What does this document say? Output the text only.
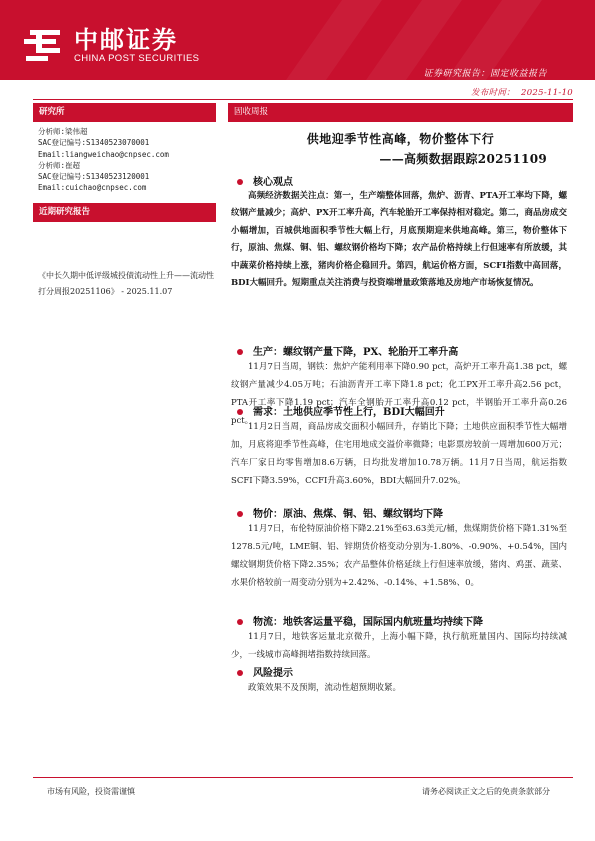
中邮证券
CHINA POST SECURITIES
证券研究报告：固定收益报告
发布时间： 2025-11-10
研究所
分析师:梁伟超
SAC登记编号:S1340523070001
Email:liangweichao@cnpsec.com
分析师:崔超
SAC登记编号:S1340523120001
Email:cuichao@cnpsec.com
近期研究报告
《中长久期中低评级城投债流动性上升——流动性打分周报20251106》 - 2025.11.07
固收周报
供地迎季节性高峰，物价整体下行
——高频数据跟踪20251109
核心观点
高频经济数据关注点：第一，生产端整体回落，焦炉、沥青、PTA开工率均下降，螺纹钢产量减少；高炉、PX开工率升高，汽车轮胎开工率保持相对稳定。第二，商品房成交小幅增加，百城供地面积季节性大幅上行，月底预期迎来供地高峰。第三，物价整体下行，原油、焦煤、铜、铝、螺纹钢价格均下降；农产品价格持续上行但速率有所放缓，其中蔬菜价格持续上涨，猪肉价格企稳回升。第四，航运价格方面，SCFI指数中高回落，BDI大幅回升。短期重点关注消费与投资端增量政策落地及房地产市场恢复情况。
生产：螺纹钢产量下降，PX、轮胎开工率升高
11月7日当周，钢铁：焦炉产能利用率下降0.90 pct，高炉开工率升高1.38 pct，螺纹钢产量减少4.05万吨；石油沥青开工率下降1.8 pct；化工PX开工率升高2.56 pct，PTA开工率下降1.19 pct；汽车全钢胎开工率升高0.12 pct，半钢胎开工率升高0.26 pct。
需求：土地供应季节性上行，BDI大幅回升
11月2日当周，商品房成交面积小幅回升，存销比下降；土地供应面积季节性大幅增加，月底将迎季节性高峰，住宅用地成交溢价率微降；电影票房较前一周增加600万元；汽车厂家日均零售增加8.6万辆，日均批发增加10.78万辆。11月7日当周，航运指数SCFI下降3.59%，CCFI升高3.60%，BDI大幅回升7.02%。
物价：原油、焦煤、铜、铝、螺纹钢均下降
11月7日，布伦特原油价格下降2.21%至63.63美元/桶，焦煤期货价格下降1.31%至1278.5元/吨，LME铜、铝、锌期货价格变动分别为-1.80%、-0.90%、+0.54%，国内螺纹钢期货价格下降2.35%；农产品整体价格延续上行但速率放缓，猪肉、鸡蛋、蔬菜、水果价格较前一周变动分别为+2.42%、-0.14%、+1.58%、0。
物流：地铁客运量平稳，国际国内航班量均持续下降
11月7日，地铁客运量北京微升，上海小幅下降，执行航班量国内、国际均持续减少，一线城市高峰拥堵指数持续回落。
风险提示
政策效果不及预期，流动性超预期收紧。
市场有风险，投资需谨慎	请务必阅读正文之后的免责条款部分
